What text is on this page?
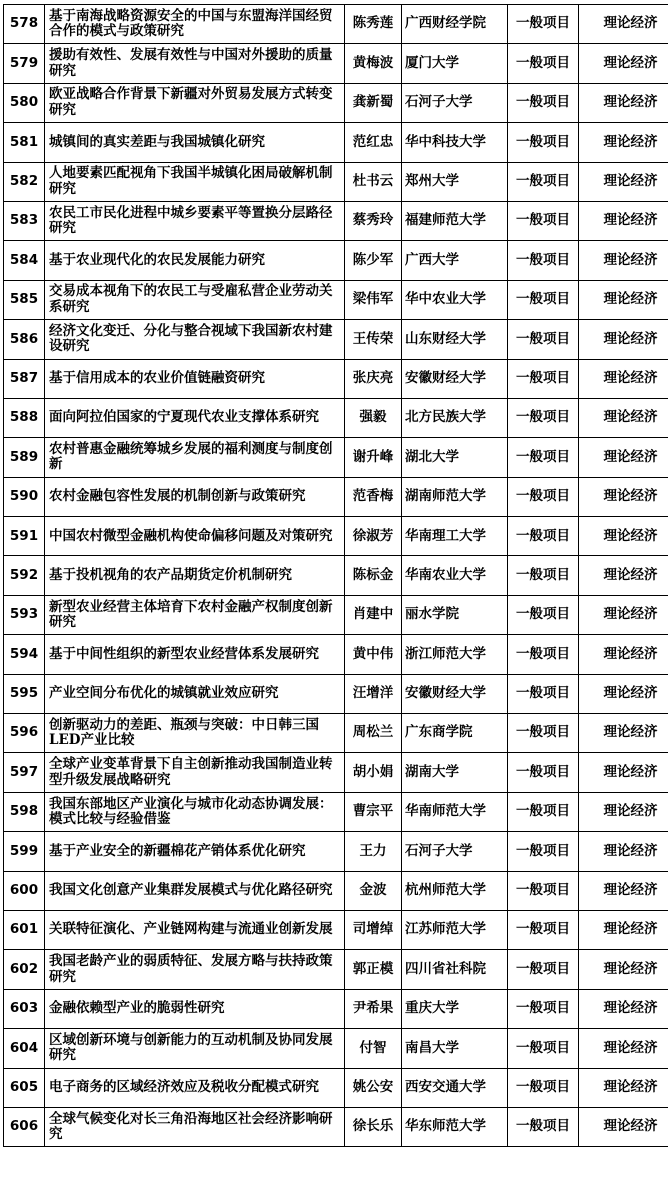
578	基于南海战略资源安全的中国与东盟海洋国经贸合作的模式与政策研究	陈秀莲	广西财经学院	一般项目	理论经济
579	援助有效性、发展有效性与中国对外援助的质量研究	黄梅波	厦门大学	一般项目	理论经济
580	欧亚战略合作背景下新疆对外贸易发展方式转变研究	龚新蜀	石河子大学	一般项目	理论经济
581	城镇间的真实差距与我国城镇化研究	范红忠	华中科技大学	一般项目	理论经济
582	人地要素匹配视角下我国半城镇化困局破解机制研究	杜书云	郑州大学	一般项目	理论经济
583	农民工市民化进程中城乡要素平等置换分层路径研究	蔡秀玲	福建师范大学	一般项目	理论经济
584	基于农业现代化的农民发展能力研究	陈少军	广西大学	一般项目	理论经济
585	交易成本视角下的农民工与受雇私营企业劳动关系研究	梁伟军	华中农业大学	一般项目	理论经济
586	经济文化变迁、分化与整合视域下我国新农村建设研究	王传荣	山东财经大学	一般项目	理论经济
587	基于信用成本的农业价值链融资研究	张庆亮	安徽财经大学	一般项目	理论经济
588	面向阿拉伯国家的宁夏现代农业支撑体系研究	强毅	北方民族大学	一般项目	理论经济
589	农村普惠金融统筹城乡发展的福利测度与制度创新	谢升峰	湖北大学	一般项目	理论经济
590	农村金融包容性发展的机制创新与政策研究	范香梅	湖南师范大学	一般项目	理论经济
591	中国农村微型金融机构使命偏移问题及对策研究	徐淑芳	华南理工大学	一般项目	理论经济
592	基于投机视角的农产品期货定价机制研究	陈标金	华南农业大学	一般项目	理论经济
593	新型农业经营主体培育下农村金融产权制度创新研究	肖建中	丽水学院	一般项目	理论经济
594	基于中间性组织的新型农业经营体系发展研究	黄中伟	浙江师范大学	一般项目	理论经济
595	产业空间分布优化的城镇就业效应研究	汪增洋	安徽财经大学	一般项目	理论经济
596	创新驱动力的差距、瓶颈与突破：中日韩三国LED产业比较	周松兰	广东商学院	一般项目	理论经济
597	全球产业变革背景下自主创新推动我国制造业转型升级发展战略研究	胡小娟	湖南大学	一般项目	理论经济
598	我国东部地区产业演化与城市化动态协调发展：模式比较与经验借鉴	曹宗平	华南师范大学	一般项目	理论经济
599	基于产业安全的新疆棉花产销体系优化研究	王力	石河子大学	一般项目	理论经济
600	我国文化创意产业集群发展模式与优化路径研究	金波	杭州师范大学	一般项目	理论经济
601	关联特征演化、产业链网构建与流通业创新发展	司增绰	江苏师范大学	一般项目	理论经济
602	我国老龄产业的弱质特征、发展方略与扶持政策研究	郭正模	四川省社科院	一般项目	理论经济
603	金融依赖型产业的脆弱性研究	尹希果	重庆大学	一般项目	理论经济
604	区域创新环境与创新能力的互动机制及协同发展研究	付智	南昌大学	一般项目	理论经济
605	电子商务的区域经济效应及税收分配模式研究	姚公安	西安交通大学	一般项目	理论经济
606	全球气候变化对长三角沿海地区社会经济影响研究	徐长乐	华东师范大学	一般项目	理论经济
